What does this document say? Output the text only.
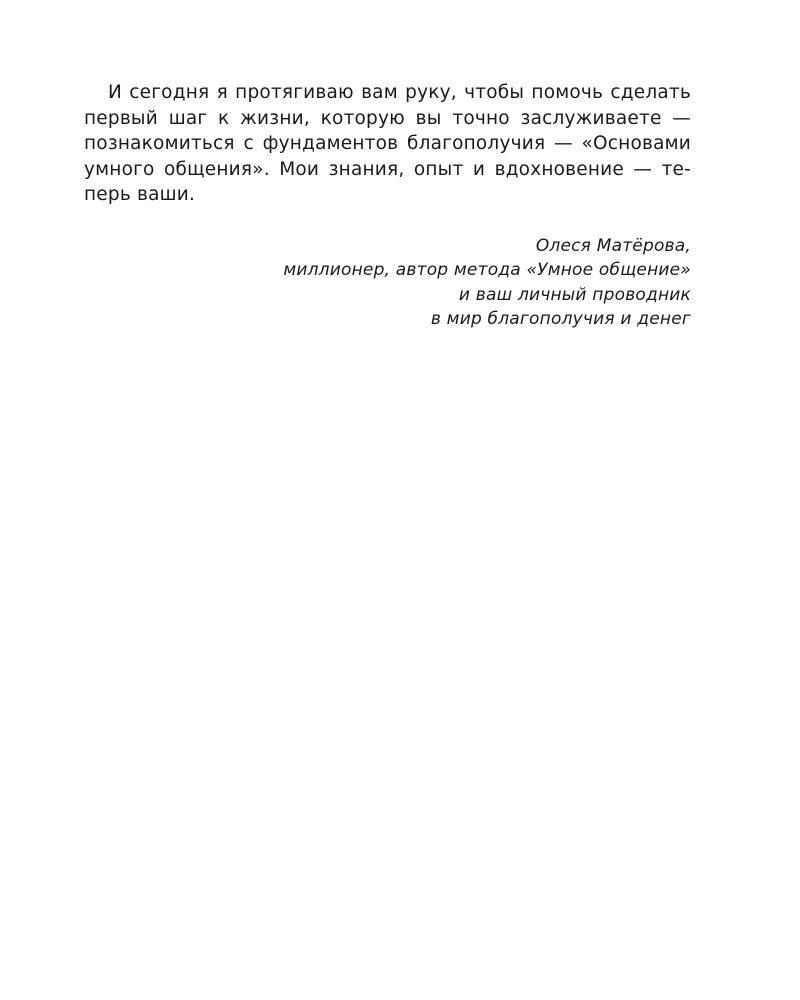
И сегодня я протягиваю вам руку, чтобы помочь сделать
первый шаг к жизни, которую вы точно заслуживаете —
познакомиться с фундаментов благополучия — «Основами
умного общения». Мои знания, опыт и вдохновение — те-
перь ваши.

Олеся Матёрова,
миллионер, автор метода «Умное общение»
и ваш личный проводник
в мир благополучия и денег
